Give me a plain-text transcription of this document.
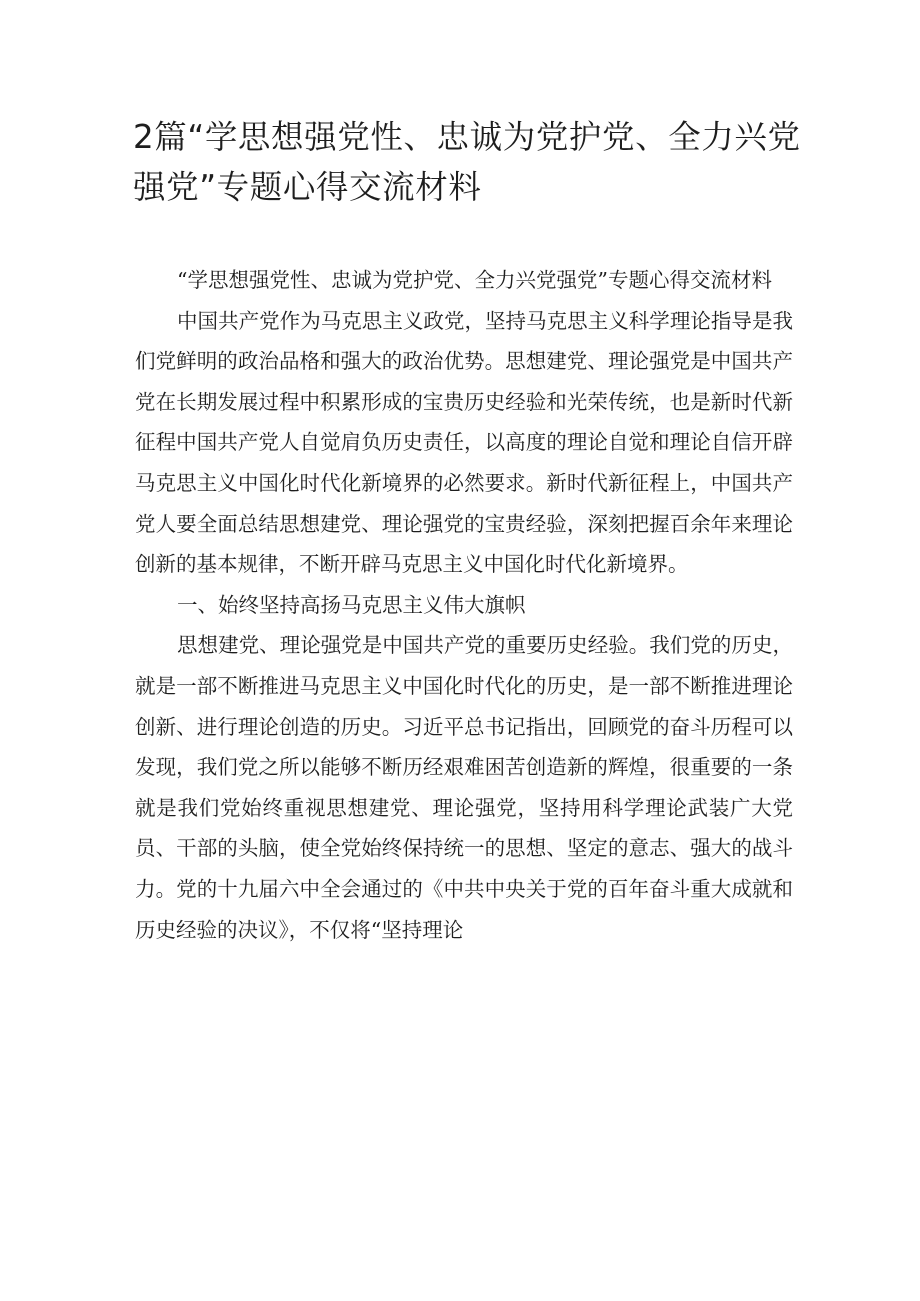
2篇“学思想强党性、忠诚为党护党、全力兴党强党”专题心得交流材料

“学思想强党性、忠诚为党护党、全力兴党强党”专题心得交流材料

中国共产党作为马克思主义政党，坚持马克思主义科学理论指导是我们党鲜明的政治品格和强大的政治优势。思想建党、理论强党是中国共产党在长期发展过程中积累形成的宝贵历史经验和光荣传统，也是新时代新征程中国共产党人自觉肩负历史责任，以高度的理论自觉和理论自信开辟马克思主义中国化时代化新境界的必然要求。新时代新征程上，中国共产党人要全面总结思想建党、理论强党的宝贵经验，深刻把握百余年来理论创新的基本规律，不断开辟马克思主义中国化时代化新境界。

一、始终坚持高扬马克思主义伟大旗帜

思想建党、理论强党是中国共产党的重要历史经验。我们党的历史，就是一部不断推进马克思主义中国化时代化的历史，是一部不断推进理论创新、进行理论创造的历史。习近平总书记指出，回顾党的奋斗历程可以发现，我们党之所以能够不断历经艰难困苦创造新的辉煌，很重要的一条就是我们党始终重视思想建党、理论强党，坚持用科学理论武装广大党员、干部的头脑，使全党始终保持统一的思想、坚定的意志、强大的战斗力。党的十九届六中全会通过的《中共中央关于党的百年奋斗重大成就和历史经验的决议》，不仅将“坚持理论
